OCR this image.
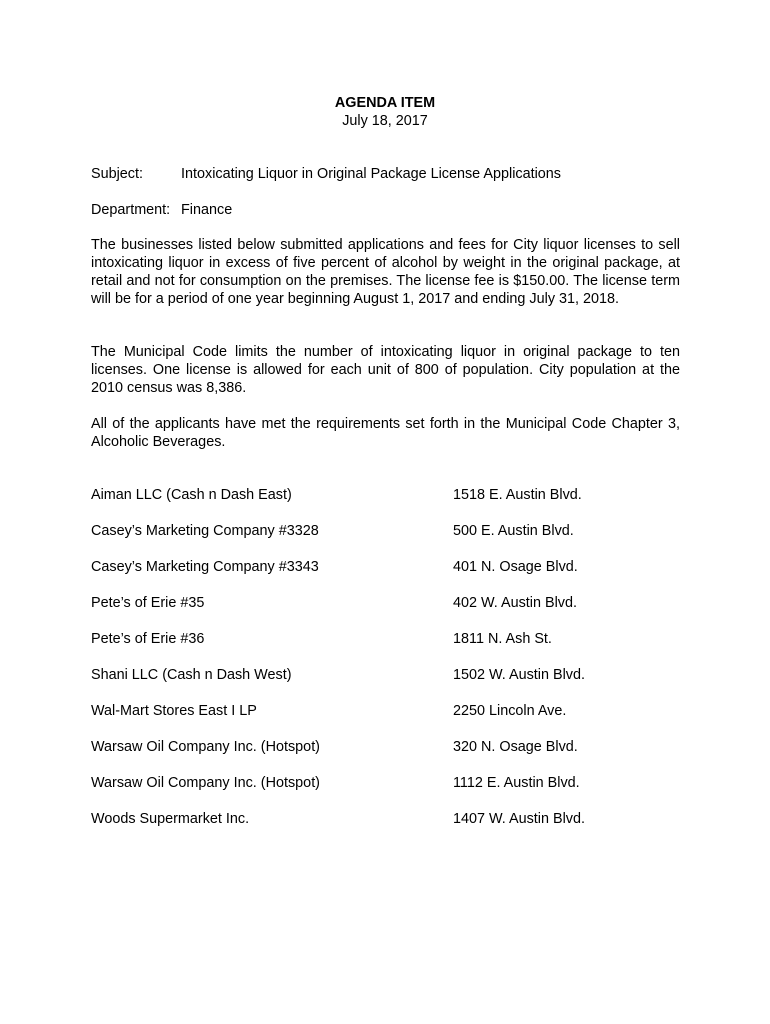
AGENDA ITEM
July 18, 2017
Subject:	Intoxicating Liquor in Original Package License Applications
Department: Finance
The businesses listed below submitted applications and fees for City liquor licenses to sell intoxicating liquor in excess of five percent of alcohol by weight in the original package, at retail and not for consumption on the premises. The license fee is $150.00. The license term will be for a period of one year beginning August 1, 2017 and ending July 31, 2018.
The Municipal Code limits the number of intoxicating liquor in original package to ten licenses. One license is allowed for each unit of 800 of population. City population at the 2010 census was 8,386.
All of the applicants have met the requirements set forth in the Municipal Code Chapter 3, Alcoholic Beverages.
Aiman LLC (Cash n Dash East)	1518 E. Austin Blvd.
Casey’s Marketing Company #3328	500 E. Austin Blvd.
Casey’s Marketing Company #3343	401 N. Osage Blvd.
Pete’s of Erie #35	402 W. Austin Blvd.
Pete’s of Erie #36	1811 N. Ash St.
Shani LLC (Cash n Dash West)	1502 W. Austin Blvd.
Wal-Mart Stores East I LP	2250 Lincoln Ave.
Warsaw Oil Company Inc. (Hotspot)	320 N. Osage Blvd.
Warsaw Oil Company Inc. (Hotspot)	1112 E. Austin Blvd.
Woods Supermarket Inc.	1407 W. Austin Blvd.
